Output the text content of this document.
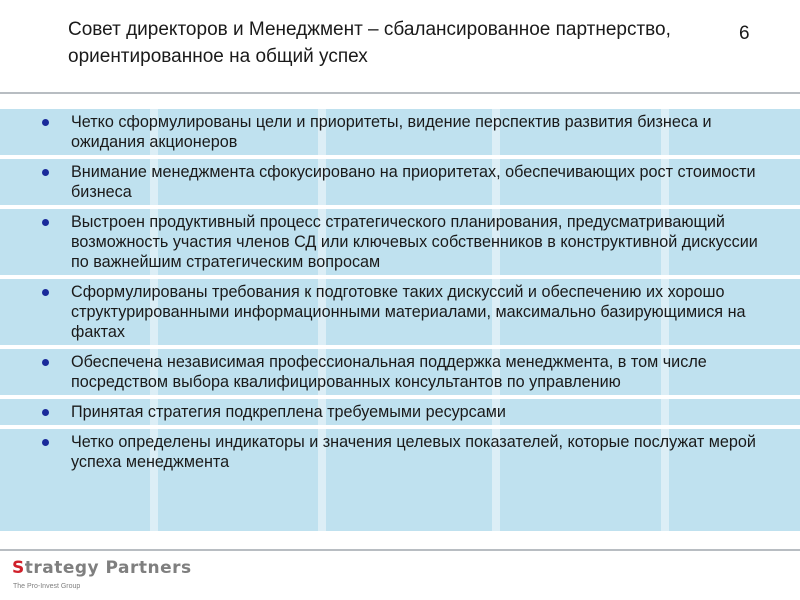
Совет директоров и Менеджмент – сбалансированное партнерство, ориентированное на общий успех
6
Четко сформулированы цели и приоритеты, видение перспектив развития бизнеса и ожидания акционеров
Внимание менеджмента сфокусировано на приоритетах, обеспечивающих рост стоимости бизнеса
Выстроен продуктивный процесс стратегического планирования, предусматривающий возможность участия членов СД или ключевых собственников в конструктивной дискуссии по важнейшим стратегическим вопросам
Сформулированы требования к подготовке таких дискуссий и обеспечению их хорошо структурированными информационными материалами, максимально базирующимися на фактах
Обеспечена независимая профессиональная поддержка менеджмента, в том числе посредством выбора квалифицированных консультантов по управлению
Принятая стратегия подкреплена требуемыми ресурсами
Четко определены индикаторы и значения целевых показателей, которые послужат мерой успеха менеджмента
Strategy Partners
The Pro-Invest Group
